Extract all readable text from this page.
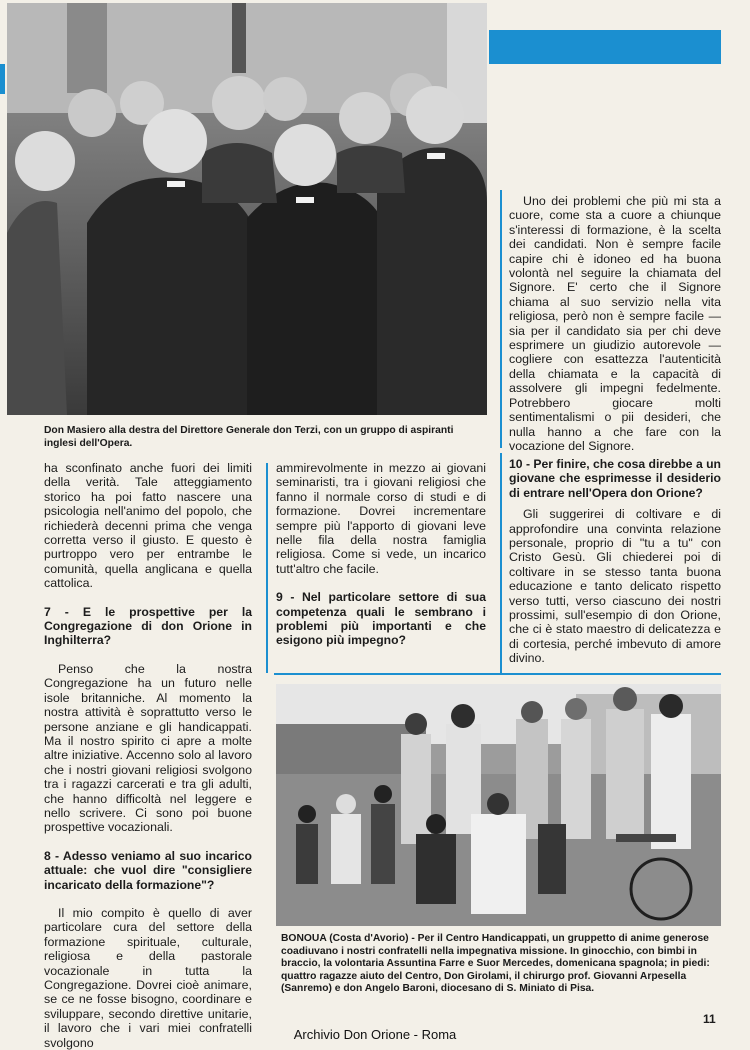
Don Masiero alla destra del Direttore Generale don Terzi, con un gruppo di aspiranti inglesi dell'Opera.

Uno dei problemi che più mi sta a cuore, come sta a cuore a chiunque s'interessi di formazione, è la scelta dei candidati. Non è sempre facile capire chi è idoneo ed ha buona volontà nel seguire la chiamata del Signore. E' certo che il Signore chiama al suo servizio nella vita religiosa, però non è sempre facile — sia per il candidato sia per chi deve esprimere un giudizio autorevole — cogliere con esattezza l'autenticità della chiamata e la capacità di assolvere gli impegni fedelmente. Potrebbero giocare molti sentimentalismi o pii desideri, che nulla hanno a che fare con la vocazione del Signore.

ha sconfinato anche fuori dei limiti della verità. Tale atteggiamento storico ha poi fatto nascere una psicologia nell'animo del popolo, che richiederà decenni prima che venga corretta verso il giusto. E questo è purtroppo vero per entrambe le comunità, quella anglicana e quella cattolica.

7 - E le prospettive per la Congregazione di don Orione in Inghilterra?

Penso che la nostra Congregazione ha un futuro nelle isole britanniche. Al momento la nostra attività è soprattutto verso le persone anziane e gli handicappati. Ma il nostro spirito ci apre a molte altre iniziative. Accenno solo al lavoro che i nostri giovani religiosi svolgono tra i ragazzi carcerati e tra gli adulti, che hanno difficoltà nel leggere e nello scrivere. Ci sono poi buone prospettive vocazionali.

8 - Adesso veniamo al suo incarico attuale: che vuol dire "consigliere incaricato della formazione"?

Il mio compito è quello di aver particolare cura del settore della formazione spirituale, culturale, religiosa e della pastorale vocazionale in tutta la Congregazione. Dovrei cioè animare, se ce ne fosse bisogno, coordinare e sviluppare, secondo direttive unitarie, il lavoro che i vari miei confratelli svolgono

ammirevolmente in mezzo ai giovani seminaristi, tra i giovani religiosi che fanno il normale corso di studi e di formazione. Dovrei incrementare sempre più l'apporto di giovani leve nelle fila della nostra famiglia religiosa. Come si vede, un incarico tutt'altro che facile.

9 - Nel particolare settore di sua competenza quali le sembrano i problemi più importanti e che esigono più impegno?
10 - Per finire, che cosa direbbe a un giovane che esprimesse il desiderio di entrare nell'Opera don Orione?

Gli suggerirei di coltivare e di approfondire una convinta relazione personale, proprio di "tu a tu" con Cristo Gesù. Gli chiederei poi di coltivare in se stesso tanta buona educazione e tanto delicato rispetto verso tutti, verso ciascuno dei nostri prossimi, sull'esempio di don Orione, che ci è stato maestro di delicatezza e di cortesia, perché imbevuto di amore divino.

BONOUA (Costa d'Avorio) - Per il Centro Handicappati, un gruppetto di anime generose coadiuvano i nostri confratelli nella impegnativa missione. In ginocchio, con bimbi in braccio, la volontaria Assuntina Farre e Suor Mercedes, domenicana spagnola; in piedi: quattro ragazze aiuto del Centro, Don Girolami, il chirurgo prof. Giovanni Arpesella (Sanremo) e don Angelo Baroni, diocesano di S. Miniato di Pisa.
11
Archivio Don Orione - Roma
